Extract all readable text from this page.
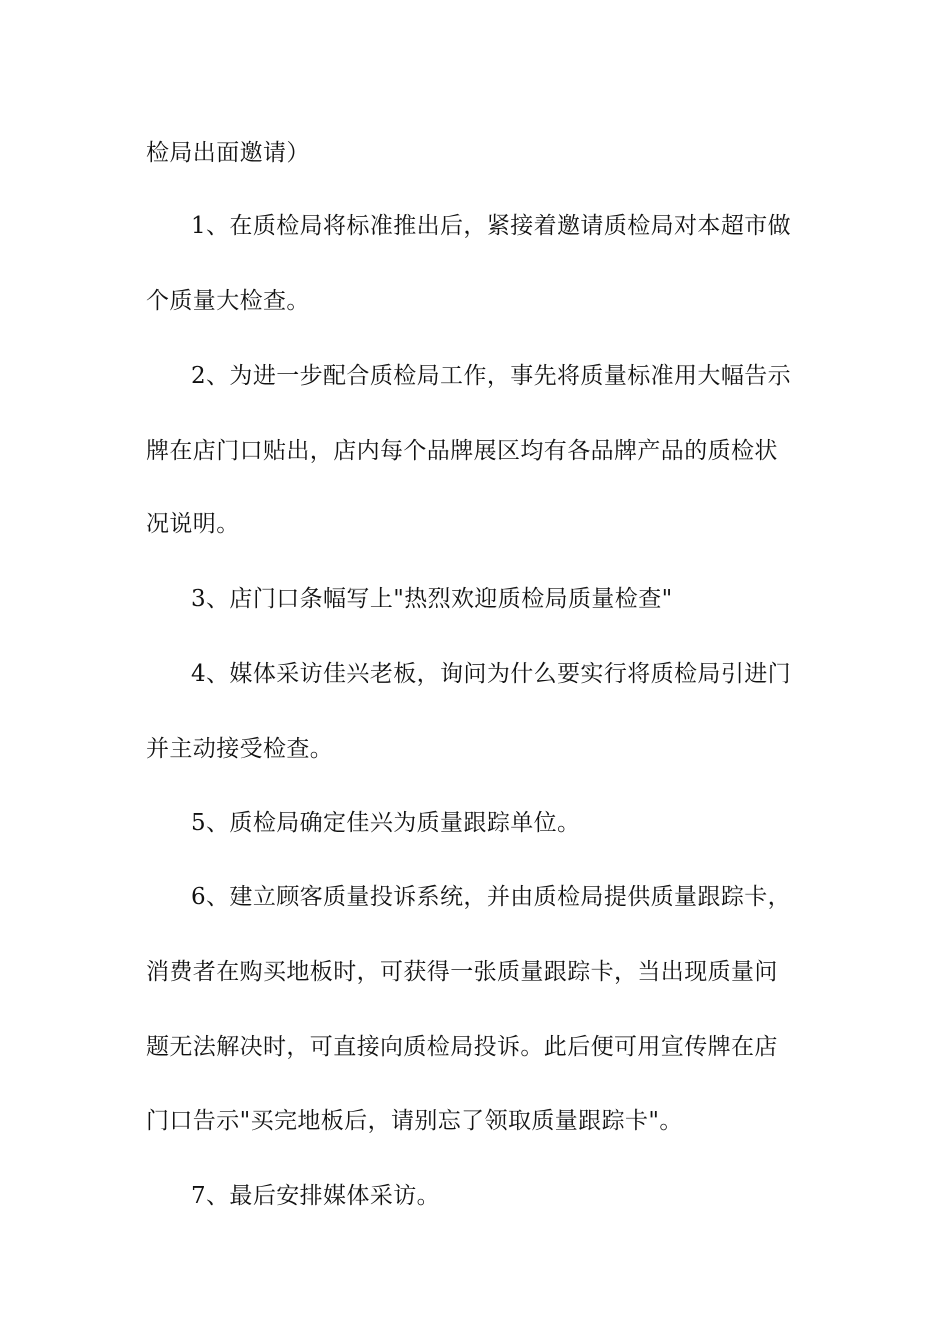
检局出面邀请）
1、在质检局将标准推出后，紧接着邀请质检局对本超市做
个质量大检查。
2、为进一步配合质检局工作，事先将质量标准用大幅告示
牌在店门口贴出，店内每个品牌展区均有各品牌产品的质检状
况说明。
3、店门口条幅写上"热烈欢迎质检局质量检查"
4、媒体采访佳兴老板，询问为什么要实行将质检局引进门
并主动接受检查。
5、质检局确定佳兴为质量跟踪单位。
6、建立顾客质量投诉系统，并由质检局提供质量跟踪卡，
消费者在购买地板时，可获得一张质量跟踪卡，当出现质量问
题无法解决时，可直接向质检局投诉。此后便可用宣传牌在店
门口告示"买完地板后，请别忘了领取质量跟踪卡"。
7、最后安排媒体采访。
